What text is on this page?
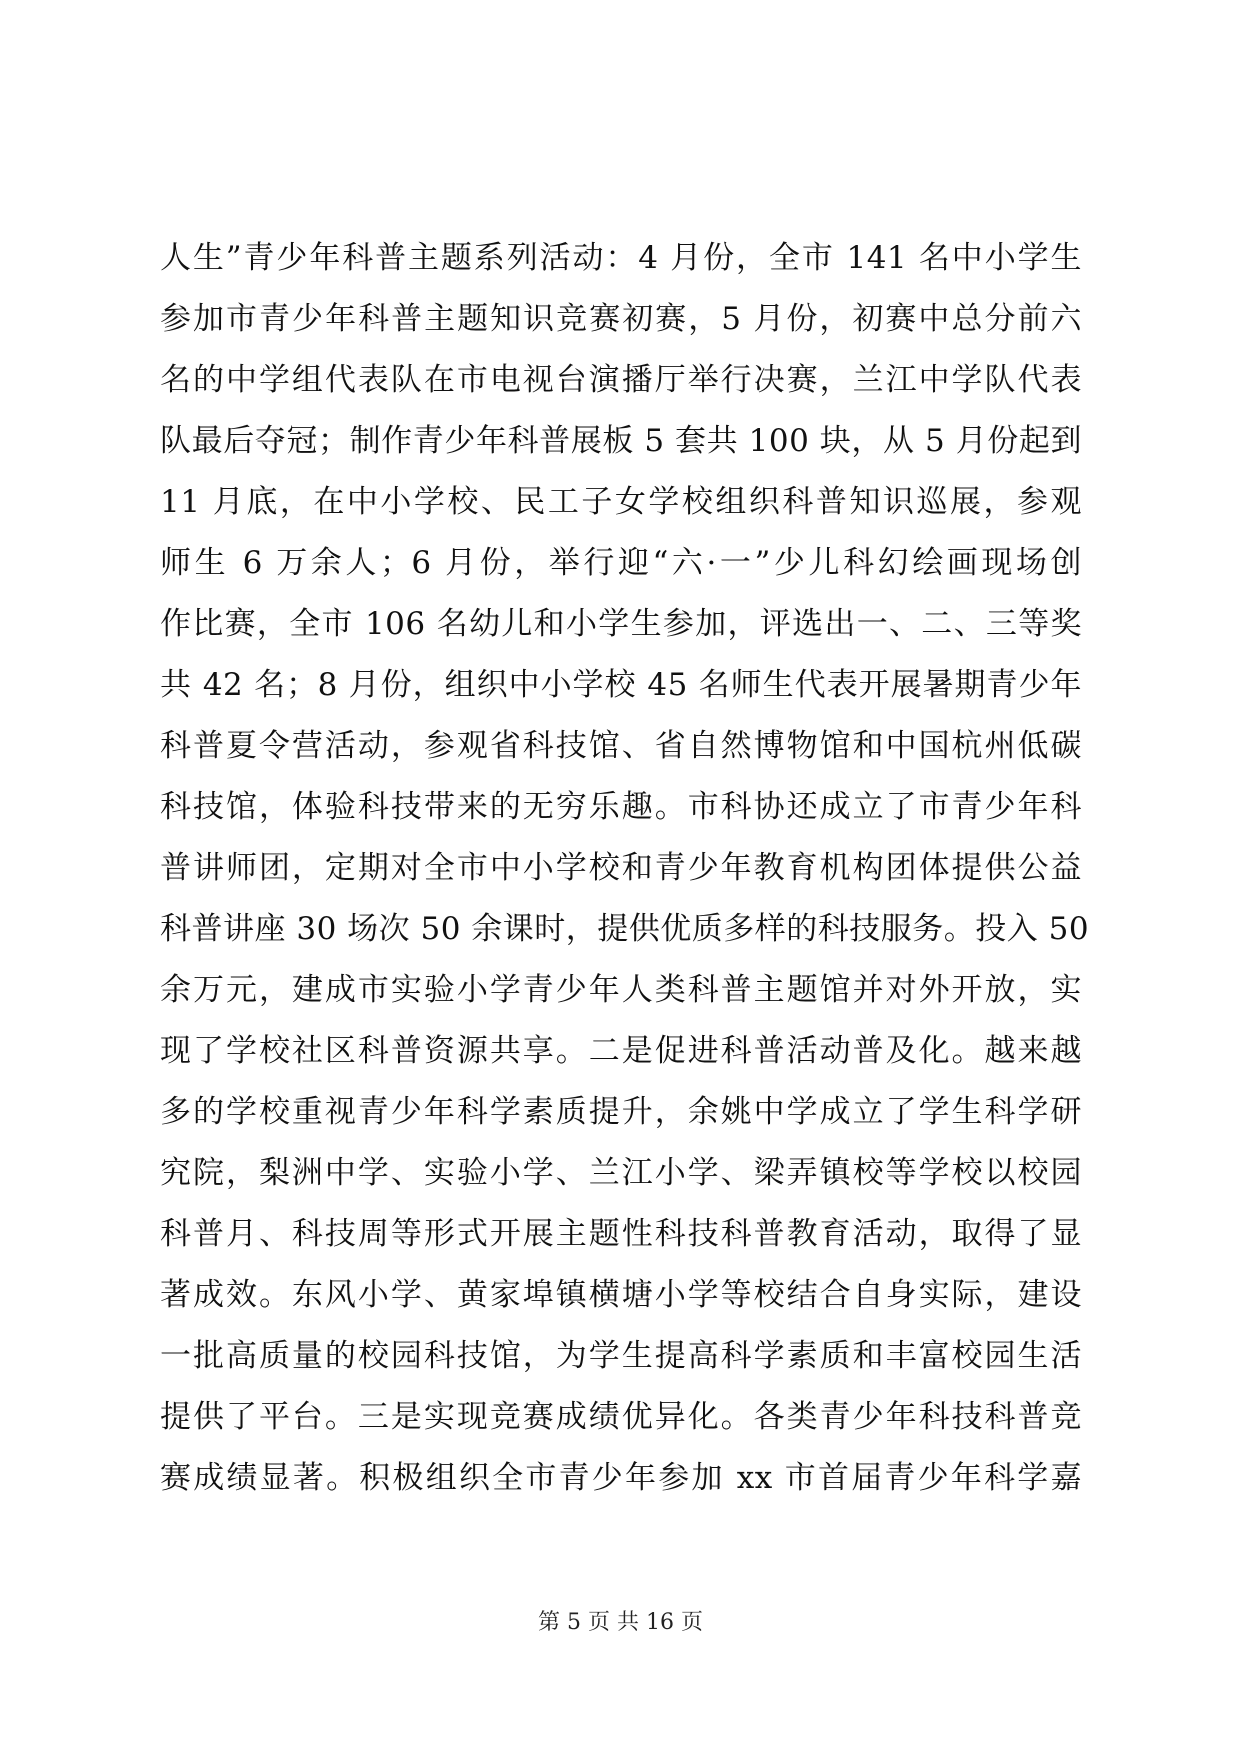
人生”青少年科普主题系列活动：4 月份，全市 141 名中小学生
参加市青少年科普主题知识竞赛初赛，5 月份，初赛中总分前六
名的中学组代表队在市电视台演播厅举行决赛，兰江中学队代表
队最后夺冠；制作青少年科普展板 5 套共 100 块，从 5 月份起到
11 月底，在中小学校、民工子女学校组织科普知识巡展，参观
师生 6 万余人；6 月份，举行迎“六·一”少儿科幻绘画现场创
作比赛，全市 106 名幼儿和小学生参加，评选出一、二、三等奖
共 42 名；8 月份，组织中小学校 45 名师生代表开展暑期青少年
科普夏令营活动，参观省科技馆、省自然博物馆和中国杭州低碳
科技馆，体验科技带来的无穷乐趣。市科协还成立了市青少年科
普讲师团，定期对全市中小学校和青少年教育机构团体提供公益
科普讲座 30 场次 50 余课时，提供优质多样的科技服务。投入 50
余万元，建成市实验小学青少年人类科普主题馆并对外开放，实
现了学校社区科普资源共享。二是促进科普活动普及化。越来越
多的学校重视青少年科学素质提升，余姚中学成立了学生科学研
究院，梨洲中学、实验小学、兰江小学、梁弄镇校等学校以校园
科普月、科技周等形式开展主题性科技科普教育活动，取得了显
著成效。东风小学、黄家埠镇横塘小学等校结合自身实际，建设
一批高质量的校园科技馆，为学生提高科学素质和丰富校园生活
提供了平台。三是实现竞赛成绩优异化。各类青少年科技科普竞
赛成绩显著。积极组织全市青少年参加 xx 市首届青少年科学嘉
第 5 页 共 16 页
